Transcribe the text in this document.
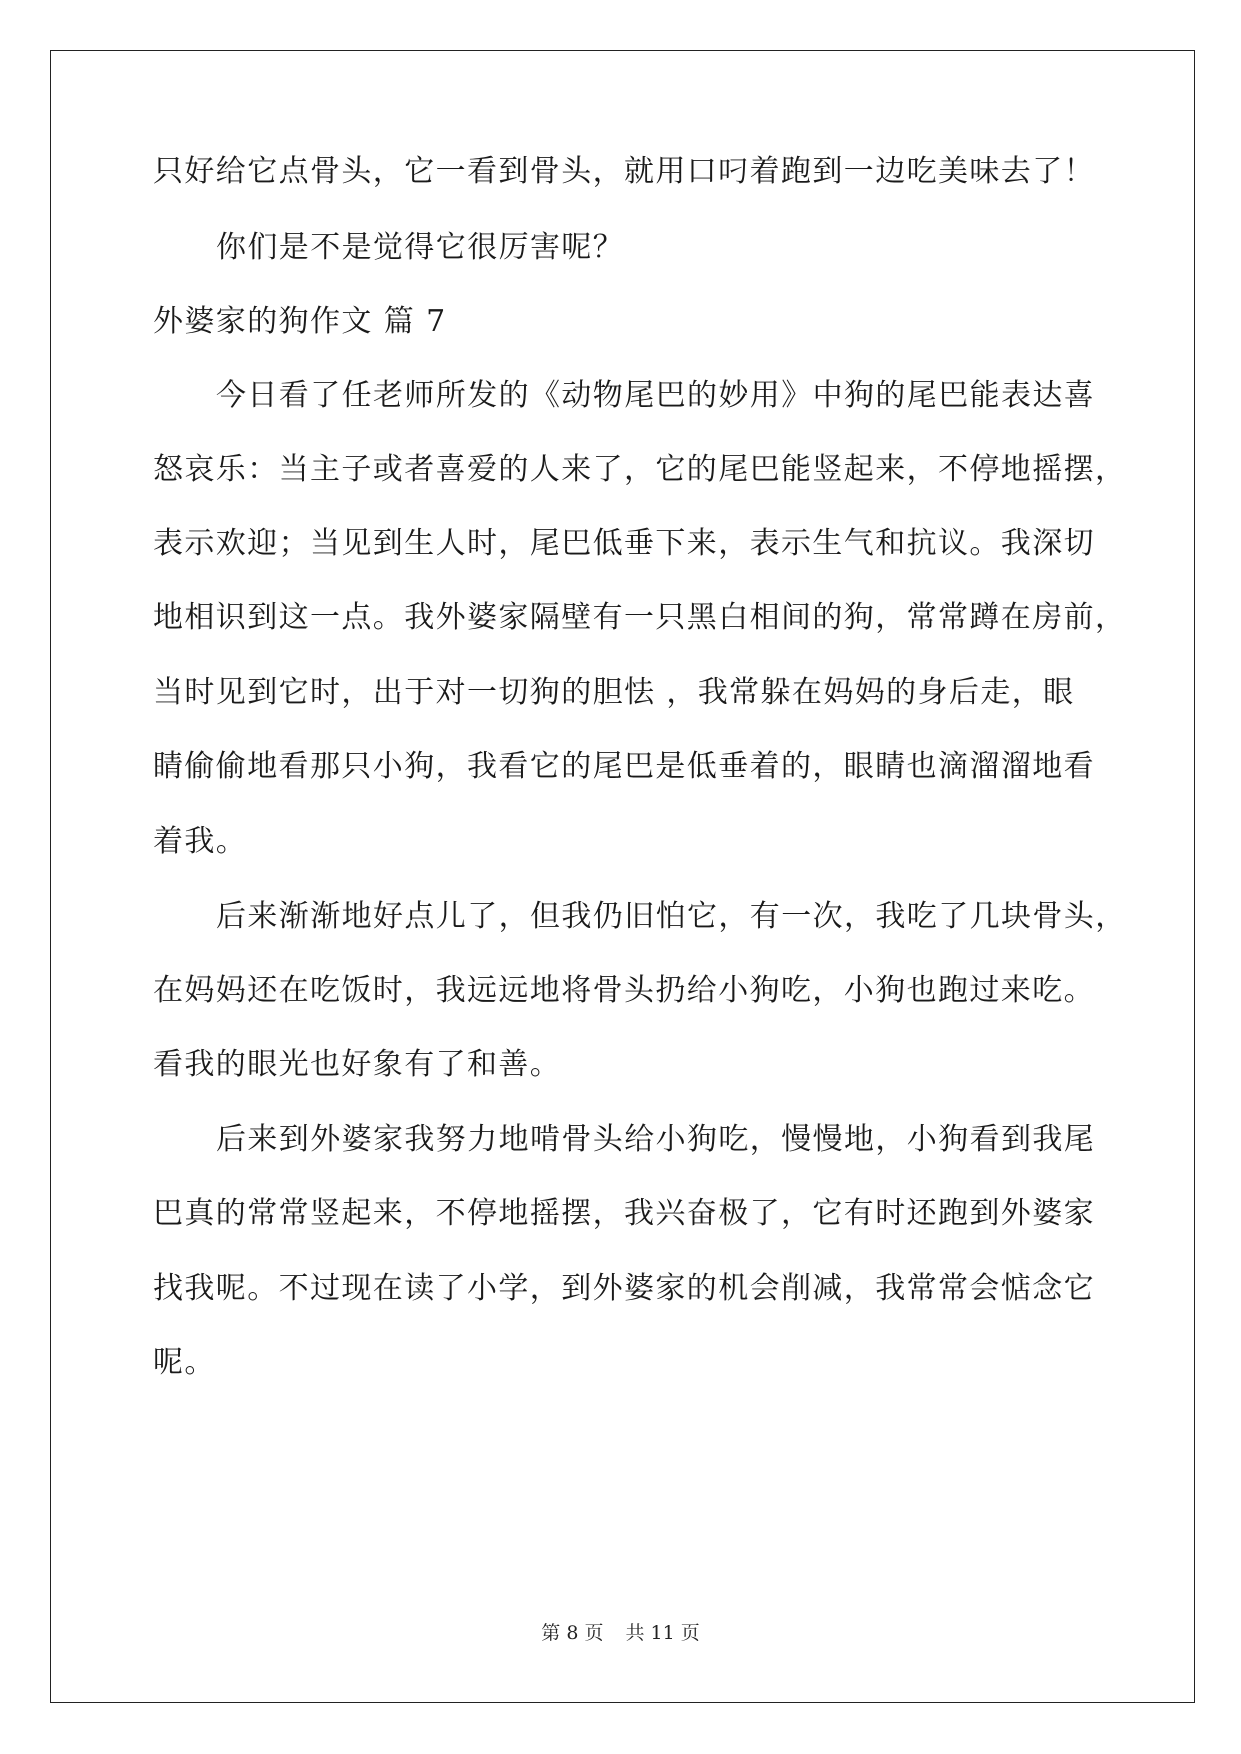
只好给它点骨头，它一看到骨头，就用口叼着跑到一边吃美味去了！
你们是不是觉得它很厉害呢？
外婆家的狗作文 篇 7
今日看了任老师所发的《动物尾巴的妙用》中狗的尾巴能表达喜
怒哀乐：当主子或者喜爱的人来了，它的尾巴能竖起来，不停地摇摆，
表示欢迎；当见到生人时，尾巴低垂下来，表示生气和抗议。我深切
地相识到这一点。我外婆家隔壁有一只黑白相间的狗，常常蹲在房前，
当时见到它时，出于对一切狗的胆怯 ，我常躲在妈妈的身后走，眼
睛偷偷地看那只小狗，我看它的尾巴是低垂着的，眼睛也滴溜溜地看
着我。
后来渐渐地好点儿了，但我仍旧怕它，有一次，我吃了几块骨头，
在妈妈还在吃饭时，我远远地将骨头扔给小狗吃，小狗也跑过来吃。
看我的眼光也好象有了和善。
后来到外婆家我努力地啃骨头给小狗吃，慢慢地，小狗看到我尾
巴真的常常竖起来，不停地摇摆，我兴奋极了，它有时还跑到外婆家
找我呢。不过现在读了小学，到外婆家的机会削减，我常常会惦念它
呢。
第 8 页 共 11 页
